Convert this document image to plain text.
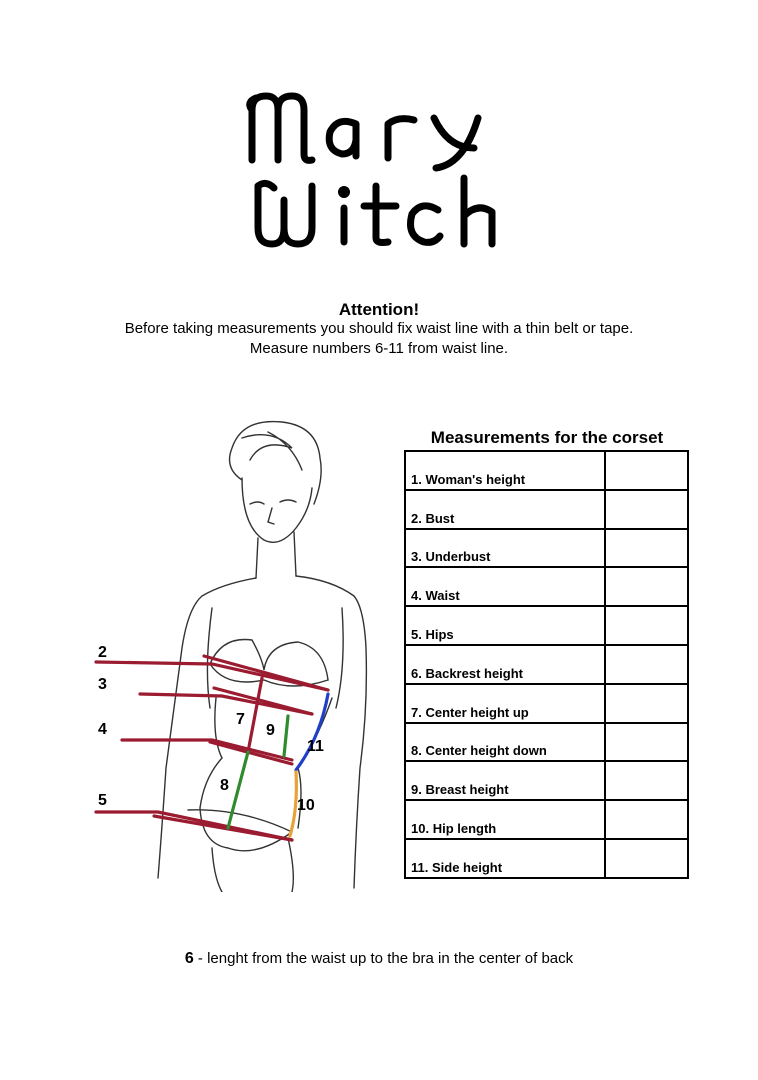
Attention!
Before taking measurements you should fix waist line with a thin belt or tape.
Measure numbers 6-11 from waist line.
2
3
4
5
7
8
9
10
11
Measurements for the corset
1. Woman's height	
2. Bust	
3. Underbust	
4. Waist	
5. Hips	
6. Backrest height	
7. Center height up	
8. Center height down	
9. Breast height	
10. Hip length	
11. Side height	
6 - lenght from the waist up to the bra in the center of back
